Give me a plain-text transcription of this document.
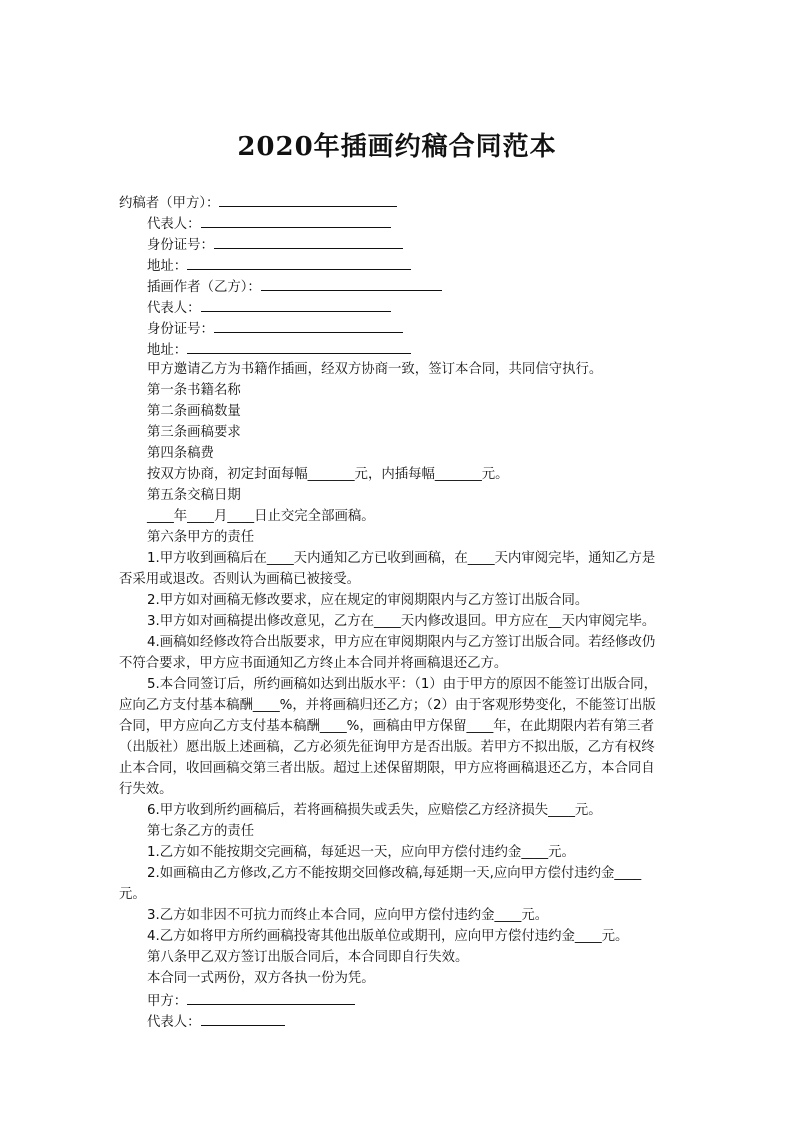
2020年插画约稿合同范本
约稿者（甲方）：
代表人：
身份证号：
地址：
插画作者（乙方）：
代表人：
身份证号：
地址：
甲方邀请乙方为书籍作插画，经双方协商一致，签订本合同，共同信守执行。
第一条书籍名称
第二条画稿数量
第三条画稿要求
第四条稿费
按双方协商，初定封面每幅_______元，内插每幅_______元。
第五条交稿日期
____年____月____日止交完全部画稿。
第六条甲方的责任
1.甲方收到画稿后在____天内通知乙方已收到画稿，在____天内审阅完毕，通知乙方是
否采用或退改。否则认为画稿已被接受。
2.甲方如对画稿无修改要求，应在规定的审阅期限内与乙方签订出版合同。
3.甲方如对画稿提出修改意见，乙方在____天内修改退回。甲方应在__天内审阅完毕。
4.画稿如经修改符合出版要求，甲方应在审阅期限内与乙方签订出版合同。若经修改仍
不符合要求，甲方应书面通知乙方终止本合同并将画稿退还乙方。
5.本合同签订后，所约画稿如达到出版水平：（1）由于甲方的原因不能签订出版合同，
应向乙方支付基本稿酬____%，并将画稿归还乙方；（2）由于客观形势变化，不能签订出版
合同，甲方应向乙方支付基本稿酬____%，画稿由甲方保留____年，在此期限内若有第三者
（出版社）愿出版上述画稿，乙方必须先征询甲方是否出版。若甲方不拟出版，乙方有权终
止本合同，收回画稿交第三者出版。超过上述保留期限，甲方应将画稿退还乙方，本合同自
行失效。
6.甲方收到所约画稿后，若将画稿损失或丢失，应赔偿乙方经济损失____元。
第七条乙方的责任
1.乙方如不能按期交完画稿，每延迟一天，应向甲方偿付违约金____元。
2.如画稿由乙方修改,乙方不能按期交回修改稿,每延期一天,应向甲方偿付违约金____
元。
3.乙方如非因不可抗力而终止本合同，应向甲方偿付违约金____元。
4.乙方如将甲方所约画稿投寄其他出版单位或期刊，应向甲方偿付违约金____元。
第八条甲乙双方签订出版合同后，本合同即自行失效。
本合同一式两份，双方各执一份为凭。
甲方：
代表人：
